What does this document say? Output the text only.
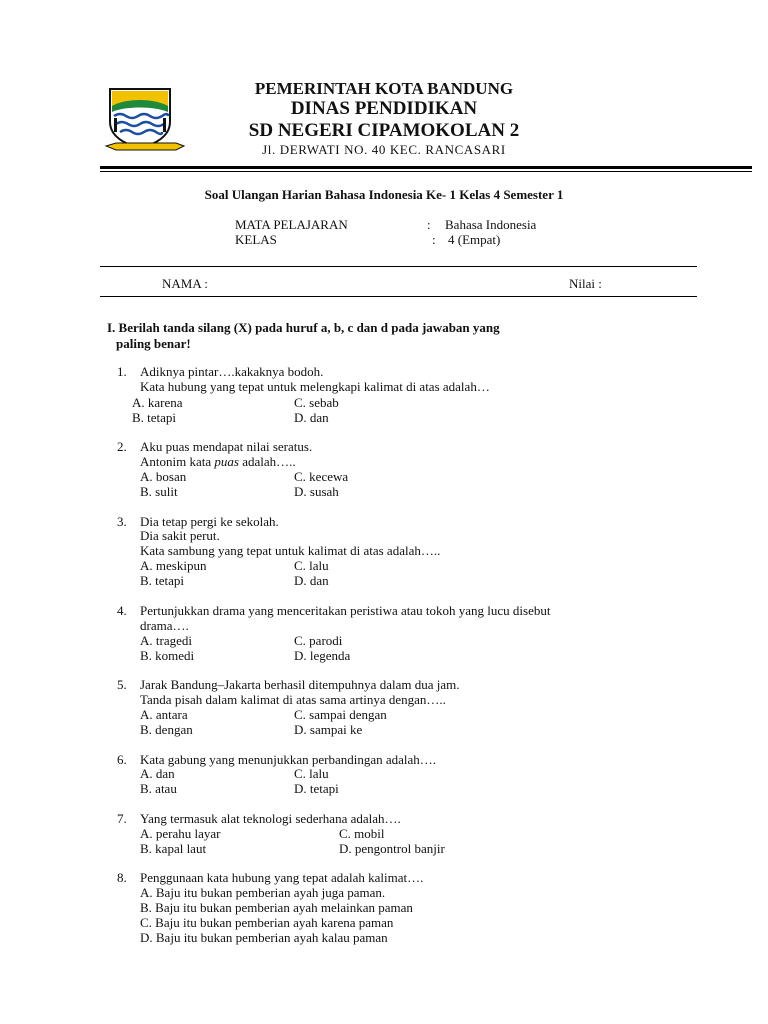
PEMERINTAH KOTA BANDUNG
DINAS PENDIDIKAN
SD NEGERI CIPAMOKOLAN 2
Jl. DERWATI NO. 40 KEC. RANCASARI
Soal Ulangan Harian Bahasa Indonesia Ke- 1 Kelas 4 Semester 1
MATA PELAJARAN	: Bahasa Indonesia
KELAS	: 4 (Empat)
NAMA :	Nilai :
I. Berilah tanda silang (X) pada huruf a, b, c dan d pada jawaban yang
paling benar!
1. Adiknya pintar….kakaknya bodoh.
Kata hubung yang tepat untuk melengkapi kalimat di atas adalah…
A. karena	C. sebab
B. tetapi	D. dan
2. Aku puas mendapat nilai seratus.
Antonim kata puas adalah…..
A. bosan	C. kecewa
B. sulit	D. susah
3. Dia tetap pergi ke sekolah.
Dia sakit perut.
Kata sambung yang tepat untuk kalimat di atas adalah…..
A. meskipun	C. lalu
B. tetapi	D. dan
4. Pertunjukkan drama yang menceritakan peristiwa atau tokoh yang lucu disebut
drama….
A. tragedi	C. parodi
B. komedi	D. legenda
5. Jarak Bandung–Jakarta berhasil ditempuhnya dalam dua jam.
Tanda pisah dalam kalimat di atas sama artinya dengan…..
A. antara	C. sampai dengan
B. dengan	D. sampai ke
6. Kata gabung yang menunjukkan perbandingan adalah….
A. dan	C. lalu
B. atau	D. tetapi
7. Yang termasuk alat teknologi sederhana adalah….
A. perahu layar	C. mobil
B. kapal laut	D. pengontrol banjir
8. Penggunaan kata hubung yang tepat adalah kalimat….
A. Baju itu bukan pemberian ayah juga paman.
B. Baju itu bukan pemberian ayah melainkan paman
C. Baju itu bukan pemberian ayah karena paman
D. Baju itu bukan pemberian ayah kalau paman
